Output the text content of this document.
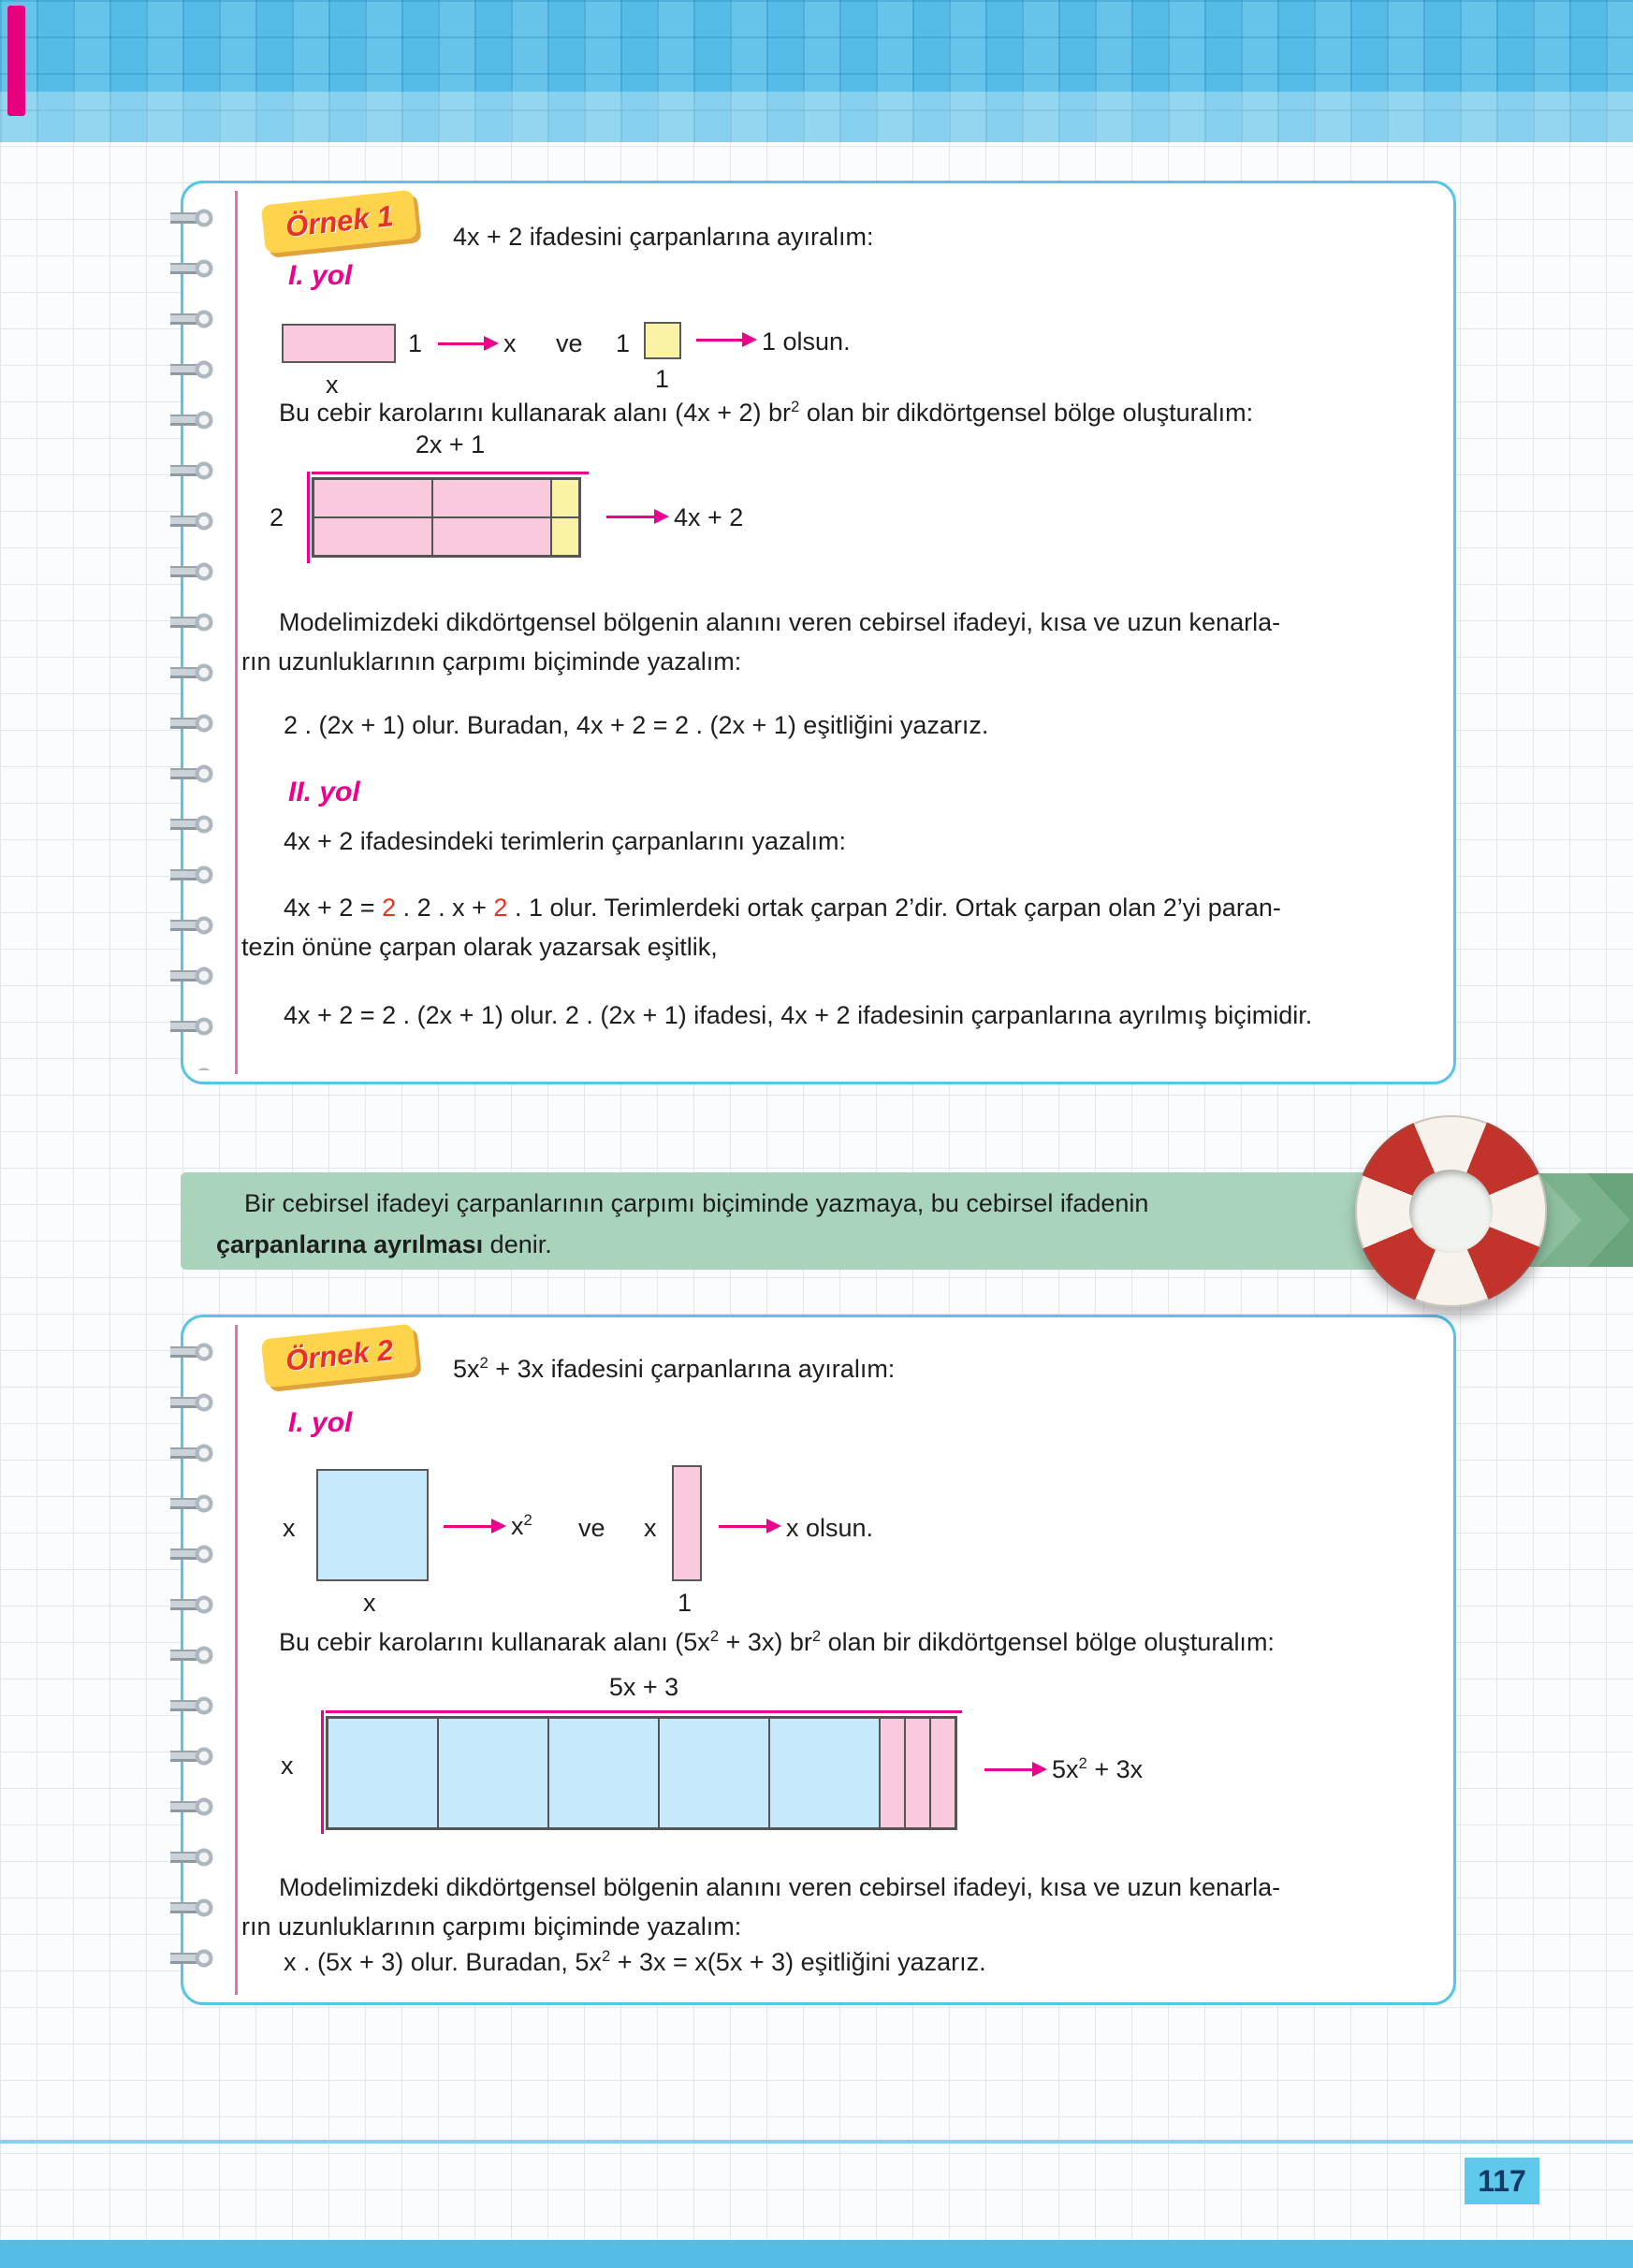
Örnek 1	4x + 2 ifadesini çarpanlarına ayıralım:
I. yol
1
x
x ve 1
1
1 olsun.
Bu cebir karolarını kullanarak alanı (4x + 2) $br^2$ olan bir dikdörtgensel bölge oluşturalım:
2x + 1
2	4x + 2
Modelimizdeki dikdörtgensel bölgenin alanını veren cebirsel ifadeyi, kısa ve uzun kenarla-
rın uzunluklarının çarpımı biçiminde yazalım:
2 . (2x + 1) olur. Buradan, 4x + 2 = 2 . (2x + 1) eşitliğini yazarız.
II. yol
4x + 2 ifadesindeki terimlerin çarpanlarını yazalım:
4x + 2 = 2 . 2 . x + 2 . 1 olur. Terimlerdeki ortak çarpan 2’dir. Ortak çarpan olan 2’yi paran-
tezin önüne çarpan olarak yazarsak eşitlik,
4x + 2 = 2 . (2x + 1) olur. 2 . (2x + 1) ifadesi, 4x + 2 ifadesinin çarpanlarına ayrılmış biçimidir.
Bir cebirsel ifadeyi çarpanlarının çarpımı biçiminde yazmaya, bu cebirsel ifadenin
çarpanlarına ayrılması denir.
Örnek 2	$5x^2 + 3x$ ifadesini çarpanlarına ayıralım:
I. yol
x
x
$x^2$ ve x
1
x olsun.
Bu cebir karolarını kullanarak alanı $(5x^2 + 3x)$ $br^2$ olan bir dikdörtgensel bölge oluşturalım:
5x + 3
x	$5x^2 + 3x$
Modelimizdeki dikdörtgensel bölgenin alanını veren cebirsel ifadeyi, kısa ve uzun kenarla-
rın uzunluklarının çarpımı biçiminde yazalım:
x . (5x + 3) olur. Buradan, $5x^2 + 3x = x(5x + 3)$ eşitliğini yazarız.
117
